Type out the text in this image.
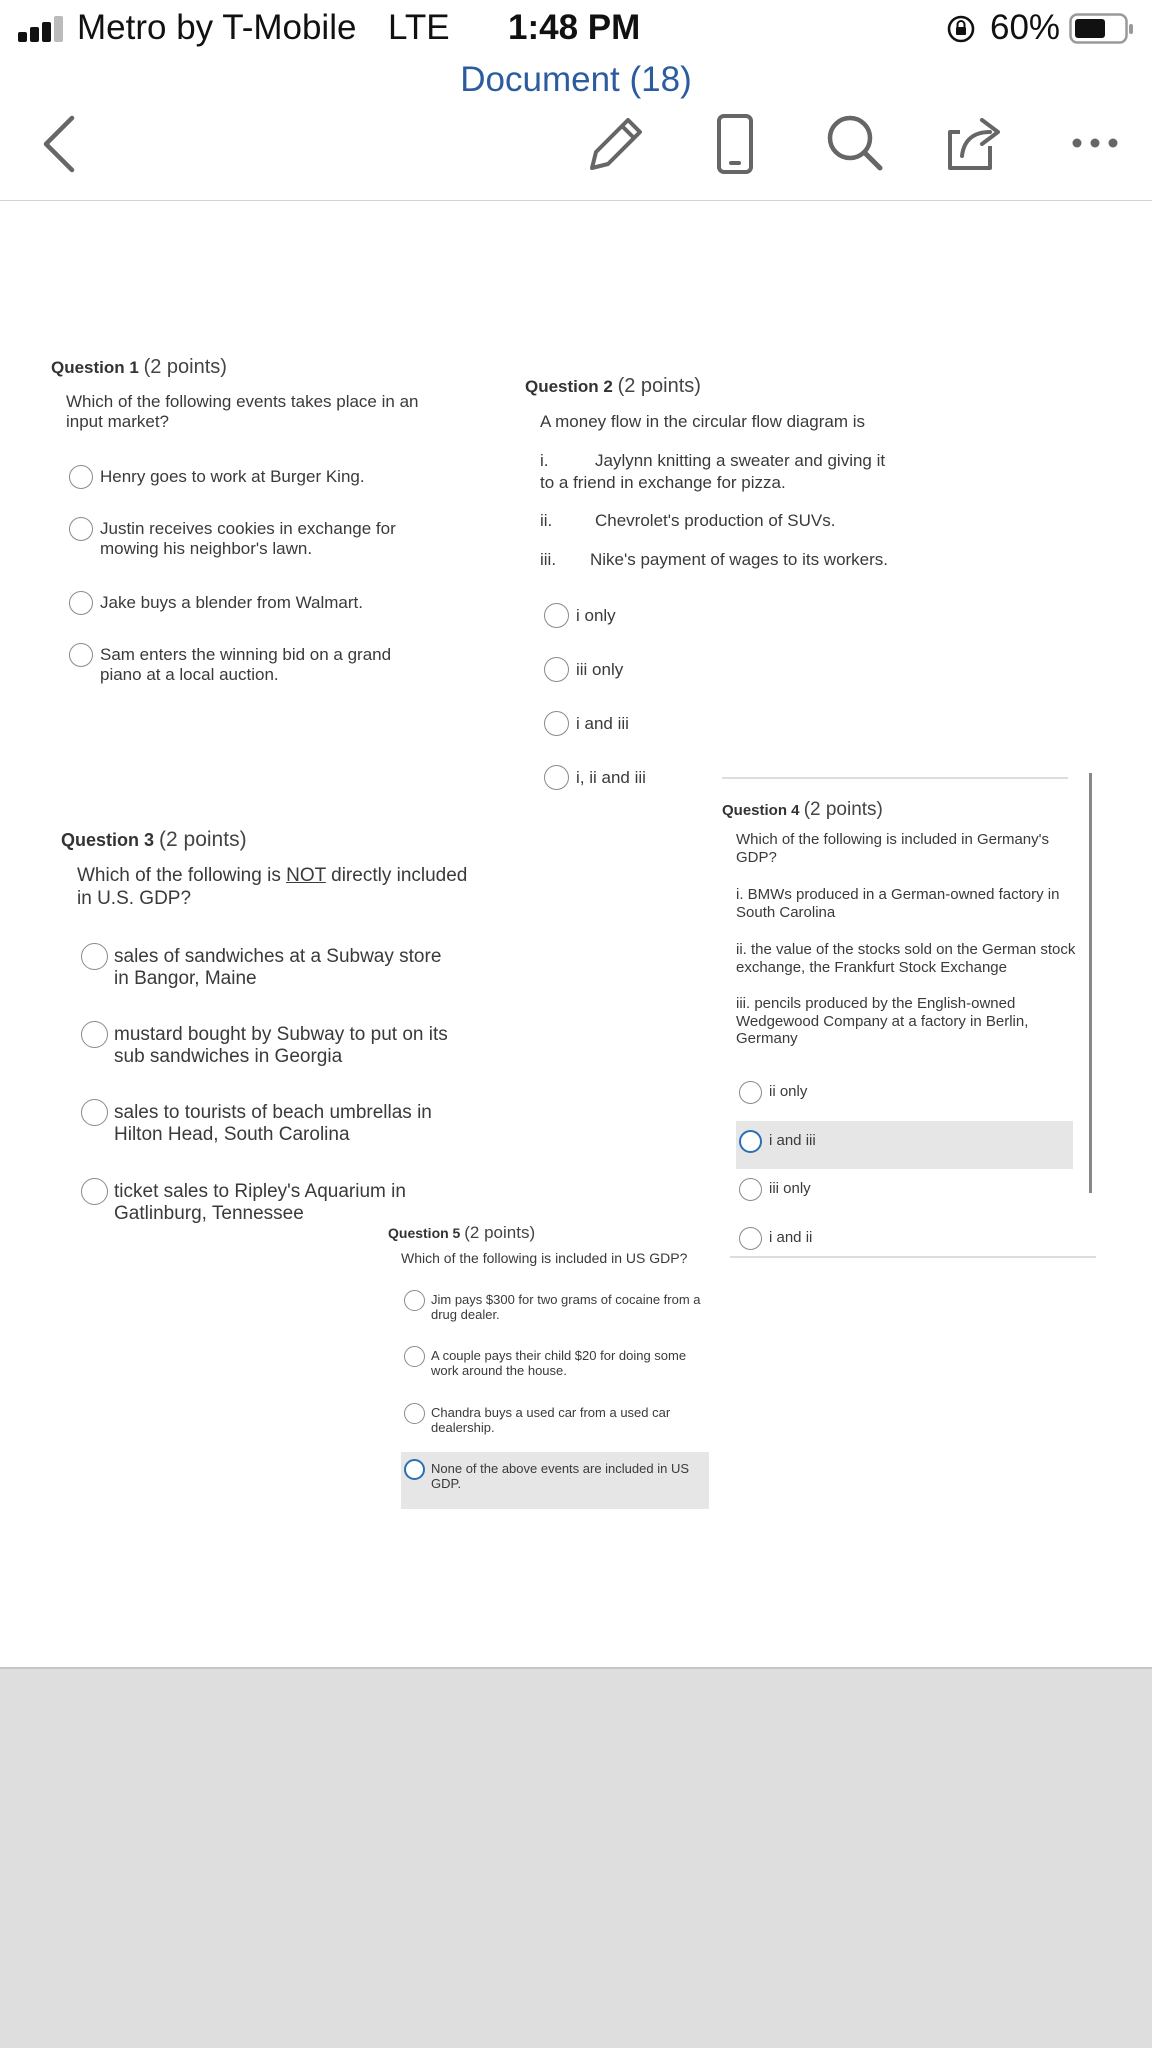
Metro by T-Mobile LTE 1:48 PM	60%
Document (18)
Question 1 (2 points)
Which of the following events takes place in an input market?
Henry goes to work at Burger King.
Justin receives cookies in exchange for mowing his neighbor's lawn.
Jake buys a blender from Walmart.
Sam enters the winning bid on a grand piano at a local auction.
Question 2 (2 points)
A money flow in the circular flow diagram is
i.	Jaylynn knitting a sweater and giving it
to a friend in exchange for pizza.
ii.	Chevrolet's production of SUVs.
iii. Nike's payment of wages to its workers.
i only
iii only
i and iii
i, ii and iii
Question 4 (2 points)
Which of the following is included in Germany's GDP?
i. BMWs produced in a German-owned factory in South Carolina
ii. the value of the stocks sold on the German stock exchange, the Frankfurt Stock Exchange
iii. pencils produced by the English-owned Wedgewood Company at a factory in Berlin, Germany
ii only
i and iii
iii only
i and ii
Question 3 (2 points)
Which of the following is NOT directly included
in U.S. GDP?
sales of sandwiches at a Subway store in Bangor, Maine
mustard bought by Subway to put on its sub sandwiches in Georgia
sales to tourists of beach umbrellas in Hilton Head, South Carolina
ticket sales to Ripley's Aquarium in Gatlinburg, Tennessee
Question 5 (2 points)
Which of the following is included in US GDP?
Jim pays $300 for two grams of cocaine from a drug dealer.
A couple pays their child $20 for doing some work around the house.
Chandra buys a used car from a used car dealership.
None of the above events are included in US GDP.
